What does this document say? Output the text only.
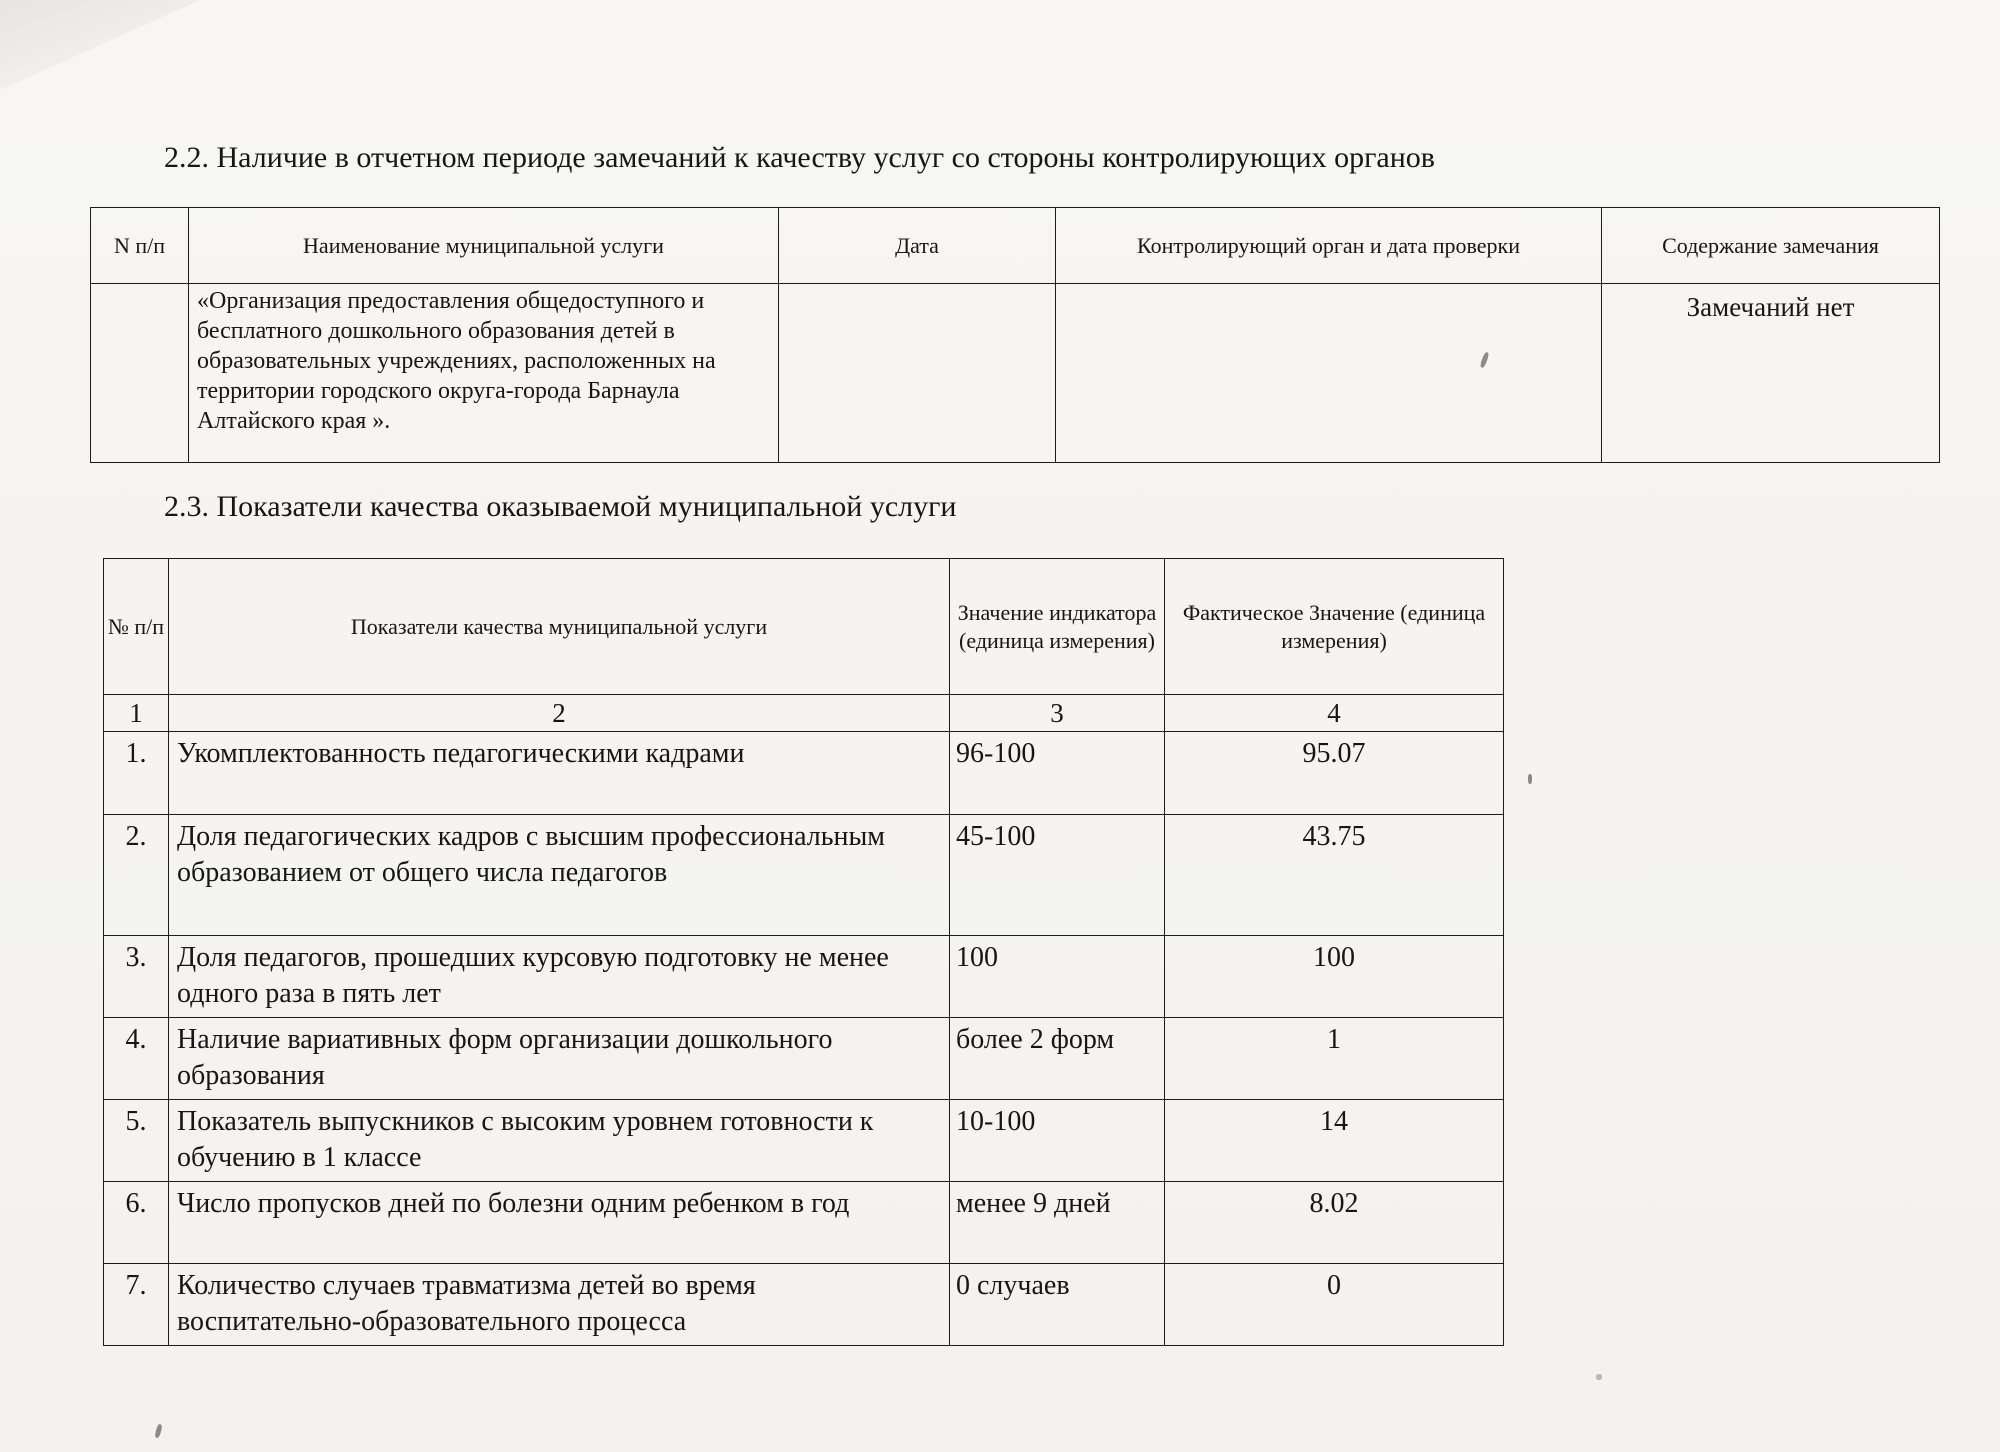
2.2. Наличие в отчетном периоде замечаний к качеству услуг со стороны контролирующих органов
N п/п	Наименование муниципальной услуги	Дата	Контролирующий орган и дата проверки	Содержание замечания
	«Организация предоставления общедоступного и бесплатного дошкольного образования детей в образовательных учреждениях, расположенных на территории городского округа-города Барнаула Алтайского края ».			Замечаний нет
2.3. Показатели качества оказываемой муниципальной услуги
№ п/п	Показатели качества муниципальной услуги	Значение индикатора (единица измерения)	Фактическое Значение (единица измерения)
1	2	3	4
1.	Укомплектованность педагогическими кадрами	96-100	95.07
2.	Доля педагогических кадров с высшим профессиональным образованием от общего числа педагогов	45-100	43.75
3.	Доля педагогов, прошедших курсовую подготовку не менее одного раза в пять лет	100	100
4.	Наличие вариативных форм организации дошкольного образования	более 2 форм	1
5.	Показатель выпускников с высоким уровнем готовности к обучению в 1 классе	10-100	14
6.	Число пропусков дней по болезни одним ребенком в год	менее 9 дней	8.02
7.	Количество случаев травматизма детей во время воспитательно-образовательного процесса	0 случаев	0
